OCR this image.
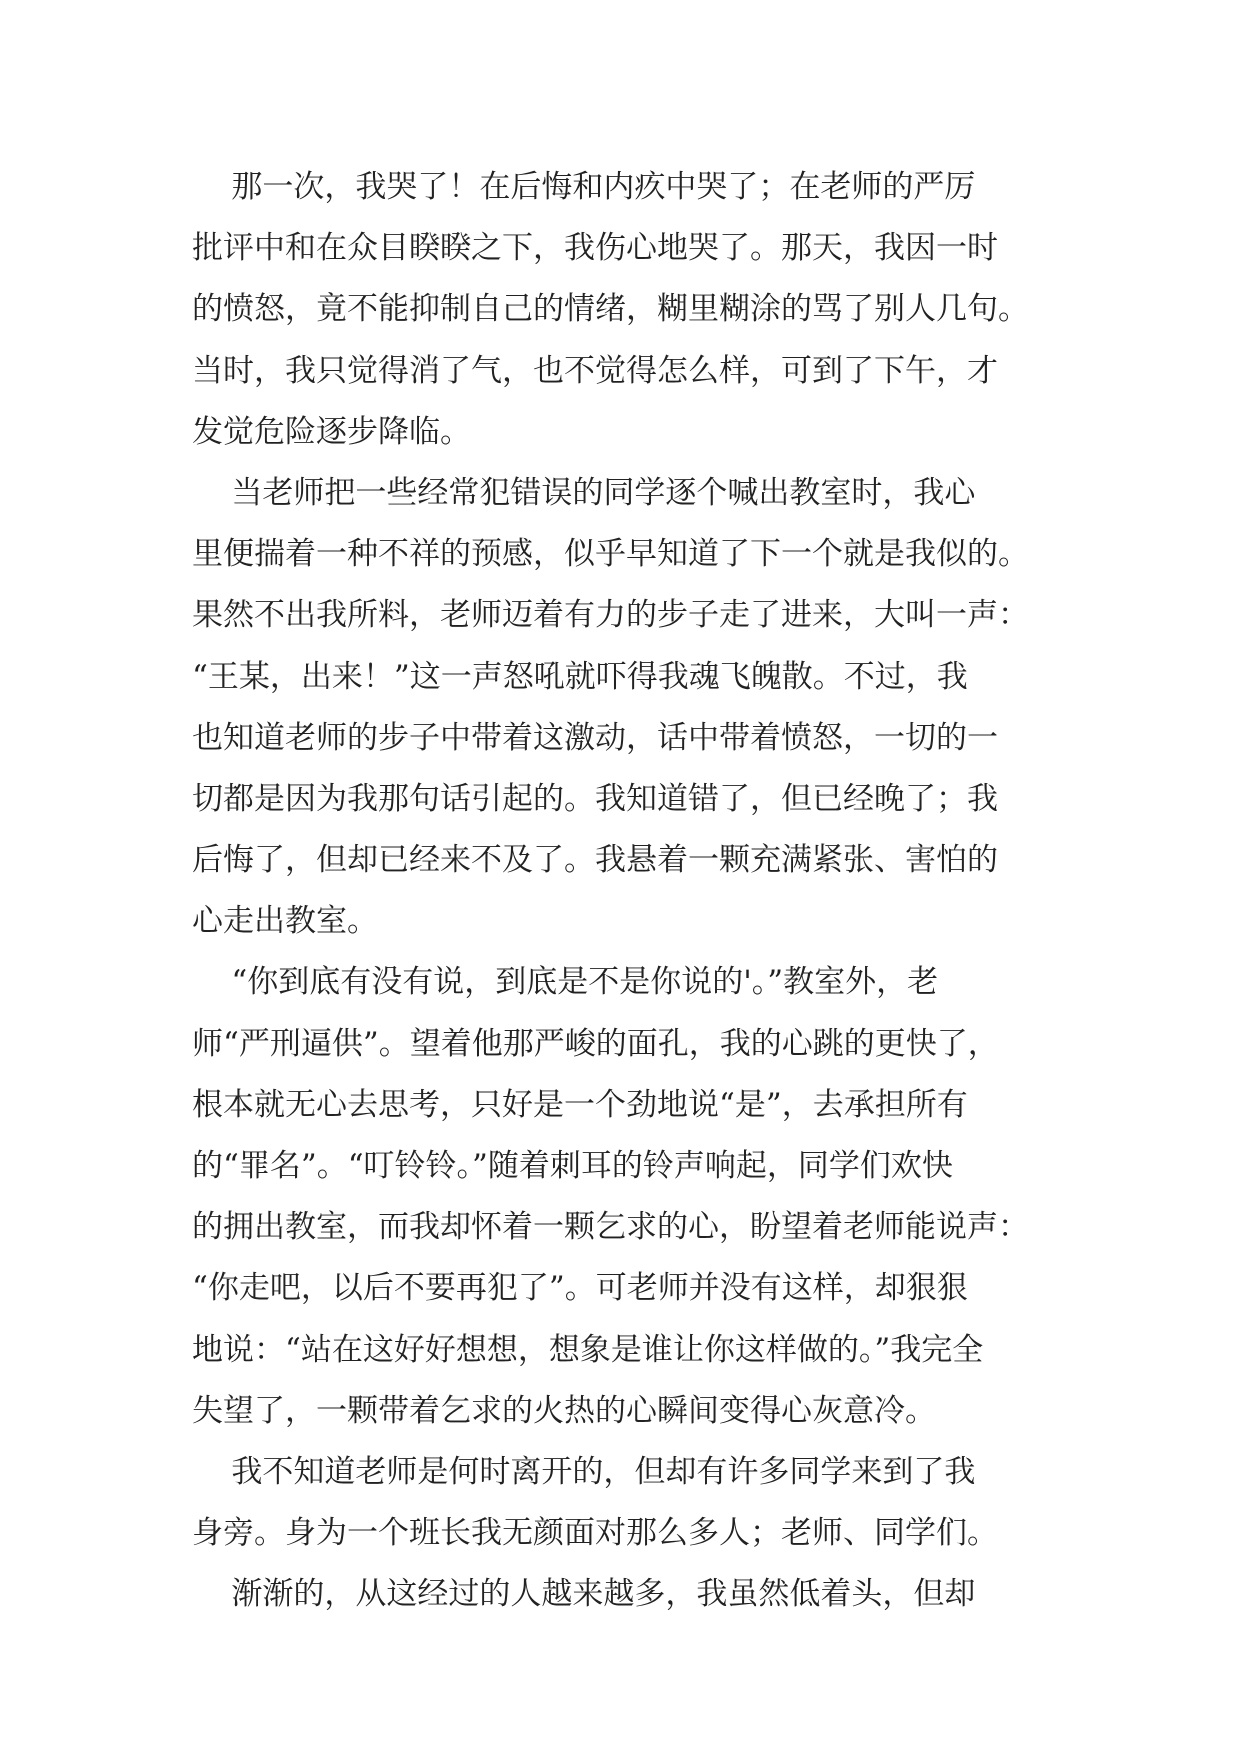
那一次，我哭了！在后悔和内疚中哭了；在老师的严厉
批评中和在众目睽睽之下，我伤心地哭了。那天，我因一时
的愤怒，竟不能抑制自己的情绪，糊里糊涂的骂了别人几句。
当时，我只觉得消了气，也不觉得怎么样，可到了下午，才
发觉危险逐步降临。
当老师把一些经常犯错误的同学逐个喊出教室时，我心
里便揣着一种不祥的预感，似乎早知道了下一个就是我似的。
果然不出我所料，老师迈着有力的步子走了进来，大叫一声：
“王某，出来！”这一声怒吼就吓得我魂飞魄散。不过，我
也知道老师的步子中带着这激动，话中带着愤怒，一切的一
切都是因为我那句话引起的。我知道错了，但已经晚了；我
后悔了，但却已经来不及了。我悬着一颗充满紧张、害怕的
心走出教室。
“你到底有没有说，到底是不是你说的'。”教室外，老
师“严刑逼供”。望着他那严峻的面孔，我的心跳的更快了，
根本就无心去思考，只好是一个劲地说“是”，去承担所有
的“罪名”。“叮铃铃。”随着刺耳的铃声响起，同学们欢快
的拥出教室，而我却怀着一颗乞求的心，盼望着老师能说声：
“你走吧，以后不要再犯了”。可老师并没有这样，却狠狠
地说：“站在这好好想想，想象是谁让你这样做的。”我完全
失望了，一颗带着乞求的火热的心瞬间变得心灰意冷。
我不知道老师是何时离开的，但却有许多同学来到了我
身旁。身为一个班长我无颜面对那么多人；老师、同学们。
渐渐的，从这经过的人越来越多，我虽然低着头，但却
